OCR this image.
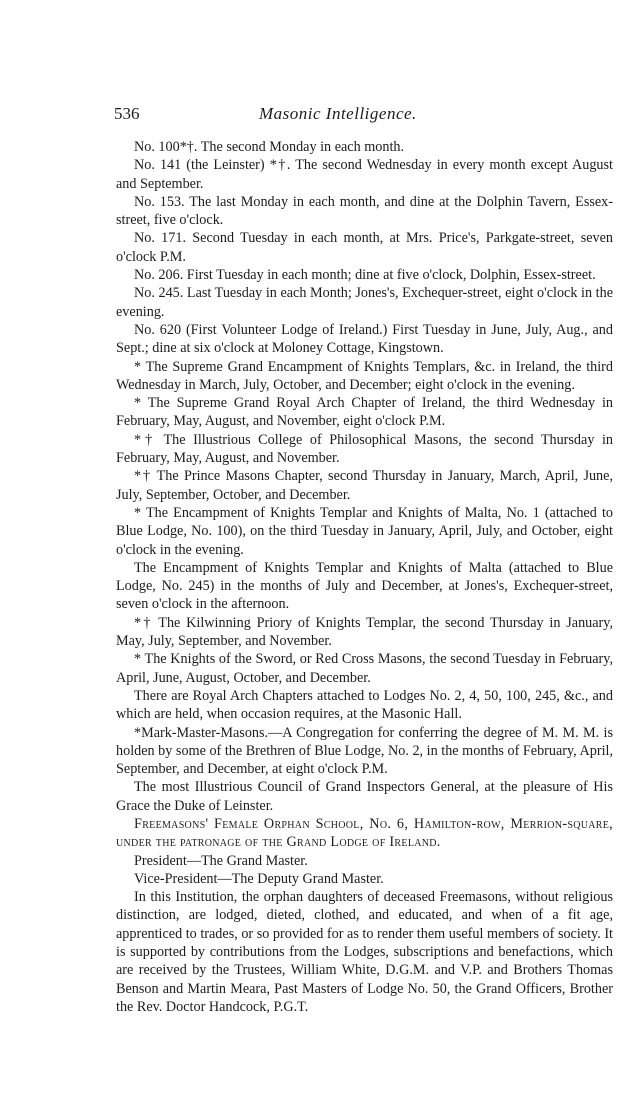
536	Masonic Intelligence.

No. 100*†. The second Monday in each month.

No. 141 (the Leinster) *†. The second Wednesday in every month except August and September.

No. 153. The last Monday in each month, and dine at the Dolphin Tavern, Essex-street, five o'clock.

No. 171. Second Tuesday in each month, at Mrs. Price's, Parkgate-street, seven o'clock P.M.

No. 206. First Tuesday in each month; dine at five o'clock, Dolphin, Essex-street.

No. 245. Last Tuesday in each Month; Jones's, Exchequer-street, eight o'clock in the evening.

No. 620 (First Volunteer Lodge of Ireland.) First Tuesday in June, July, Aug., and Sept.; dine at six o'clock at Moloney Cottage, Kingstown.

* The Supreme Grand Encampment of Knights Templars, &c. in Ireland, the third Wednesday in March, July, October, and December; eight o'clock in the evening.

* The Supreme Grand Royal Arch Chapter of Ireland, the third Wednesday in February, May, August, and November, eight o'clock P.M.

*† The Illustrious College of Philosophical Masons, the second Thursday in February, May, August, and November.

*† The Prince Masons Chapter, second Thursday in January, March, April, June, July, September, October, and December.

* The Encampment of Knights Templar and Knights of Malta, No. 1 (attached to Blue Lodge, No. 100), on the third Tuesday in January, April, July, and October, eight o'clock in the evening.

The Encampment of Knights Templar and Knights of Malta (attached to Blue Lodge, No. 245) in the months of July and December, at Jones's, Exchequer-street, seven o'clock in the afternoon.

*† The Kilwinning Priory of Knights Templar, the second Thursday in January, May, July, September, and November.

* The Knights of the Sword, or Red Cross Masons, the second Tuesday in February, April, June, August, October, and December.

There are Royal Arch Chapters attached to Lodges No. 2, 4, 50, 100, 245, &c., and which are held, when occasion requires, at the Masonic Hall.

*Mark-Master-Masons.—A Congregation for conferring the degree of M. M. M. is holden by some of the Brethren of Blue Lodge, No. 2, in the months of February, April, September, and December, at eight o'clock P.M.

The most Illustrious Council of Grand Inspectors General, at the pleasure of His Grace the Duke of Leinster.

Freemasons' Female Orphan School, No. 6, Hamilton-row, Merrion-square, under the patronage of the Grand Lodge of Ireland.

President—The Grand Master.

Vice-President—The Deputy Grand Master.

In this Institution, the orphan daughters of deceased Freemasons, without religious distinction, are lodged, dieted, clothed, and educated, and when of a fit age, apprenticed to trades, or so provided for as to render them useful members of society. It is supported by contributions from the Lodges, subscriptions and benefactions, which are received by the Trustees, William White, D.G.M. and V.P. and Brothers Thomas Benson and Martin Meara, Past Masters of Lodge No. 50, the Grand Officers, Brother the Rev. Doctor Handcock, P.G.T.
